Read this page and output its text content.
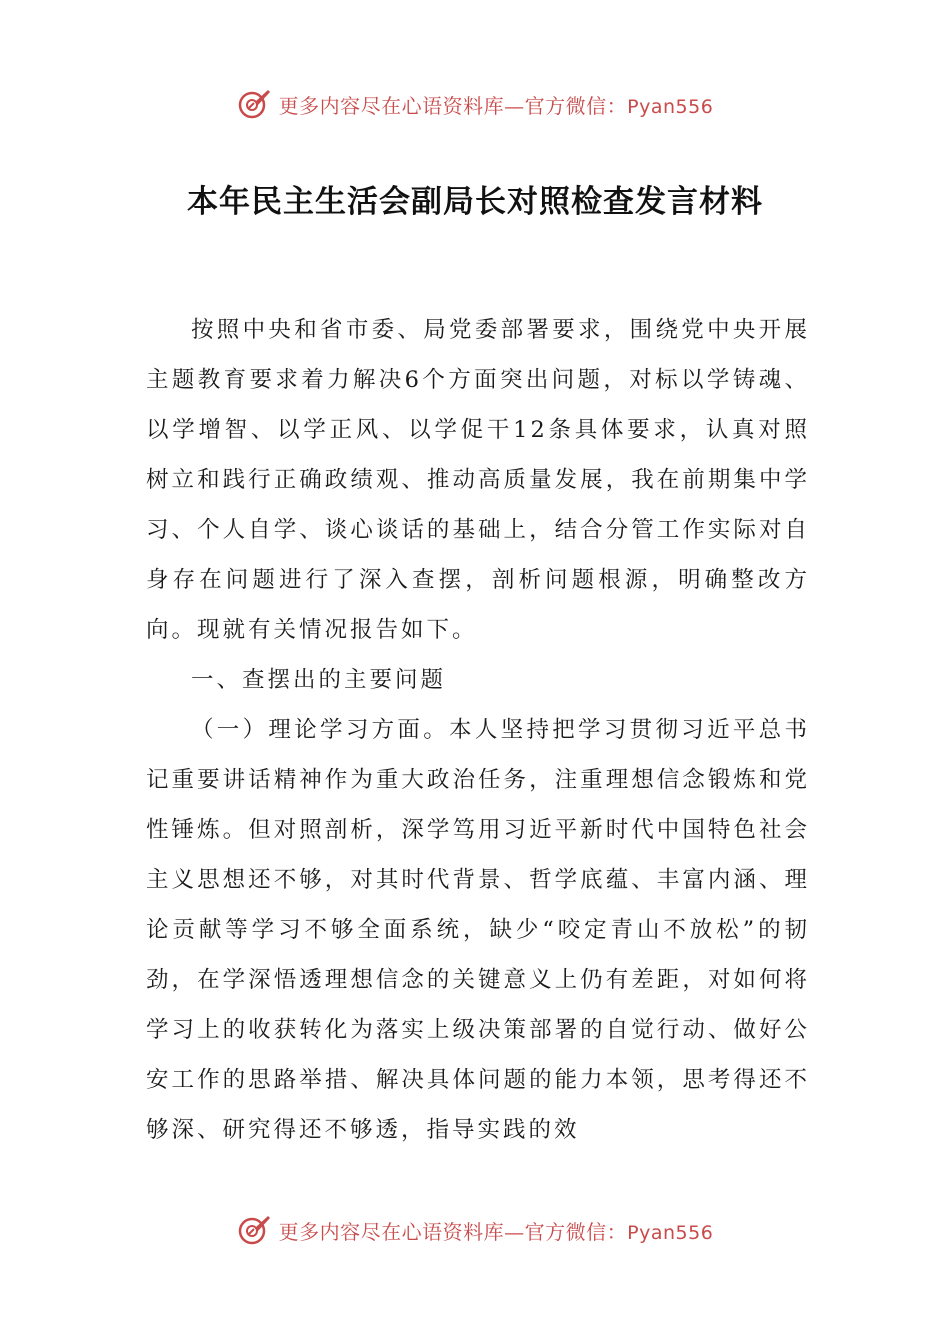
更多内容尽在心语资料库—官方微信：Pyan556
本年民主生活会副局长对照检查发言材料

按照中央和省市委、局党委部署要求，围绕党中央开展主题教育要求着力解决6个方面突出问题，对标以学铸魂、以学增智、以学正风、以学促干12条具体要求，认真对照树立和践行正确政绩观、推动高质量发展，我在前期集中学习、个人自学、谈心谈话的基础上，结合分管工作实际对自身存在问题进行了深入查摆，剖析问题根源，明确整改方向。现就有关情况报告如下。

一、查摆出的主要问题

（一）理论学习方面。本人坚持把学习贯彻习近平总书记重要讲话精神作为重大政治任务，注重理想信念锻炼和党性锤炼。但对照剖析，深学笃用习近平新时代中国特色社会主义思想还不够，对其时代背景、哲学底蕴、丰富内涵、理论贡献等学习不够全面系统，缺少“咬定青山不放松”的韧劲，在学深悟透理想信念的关键意义上仍有差距，对如何将学习上的收获转化为落实上级决策部署的自觉行动、做好公安工作的思路举措、解决具体问题的能力本领，思考得还不够深、研究得还不够透，指导实践的效

更多内容尽在心语资料库—官方微信：Pyan556
